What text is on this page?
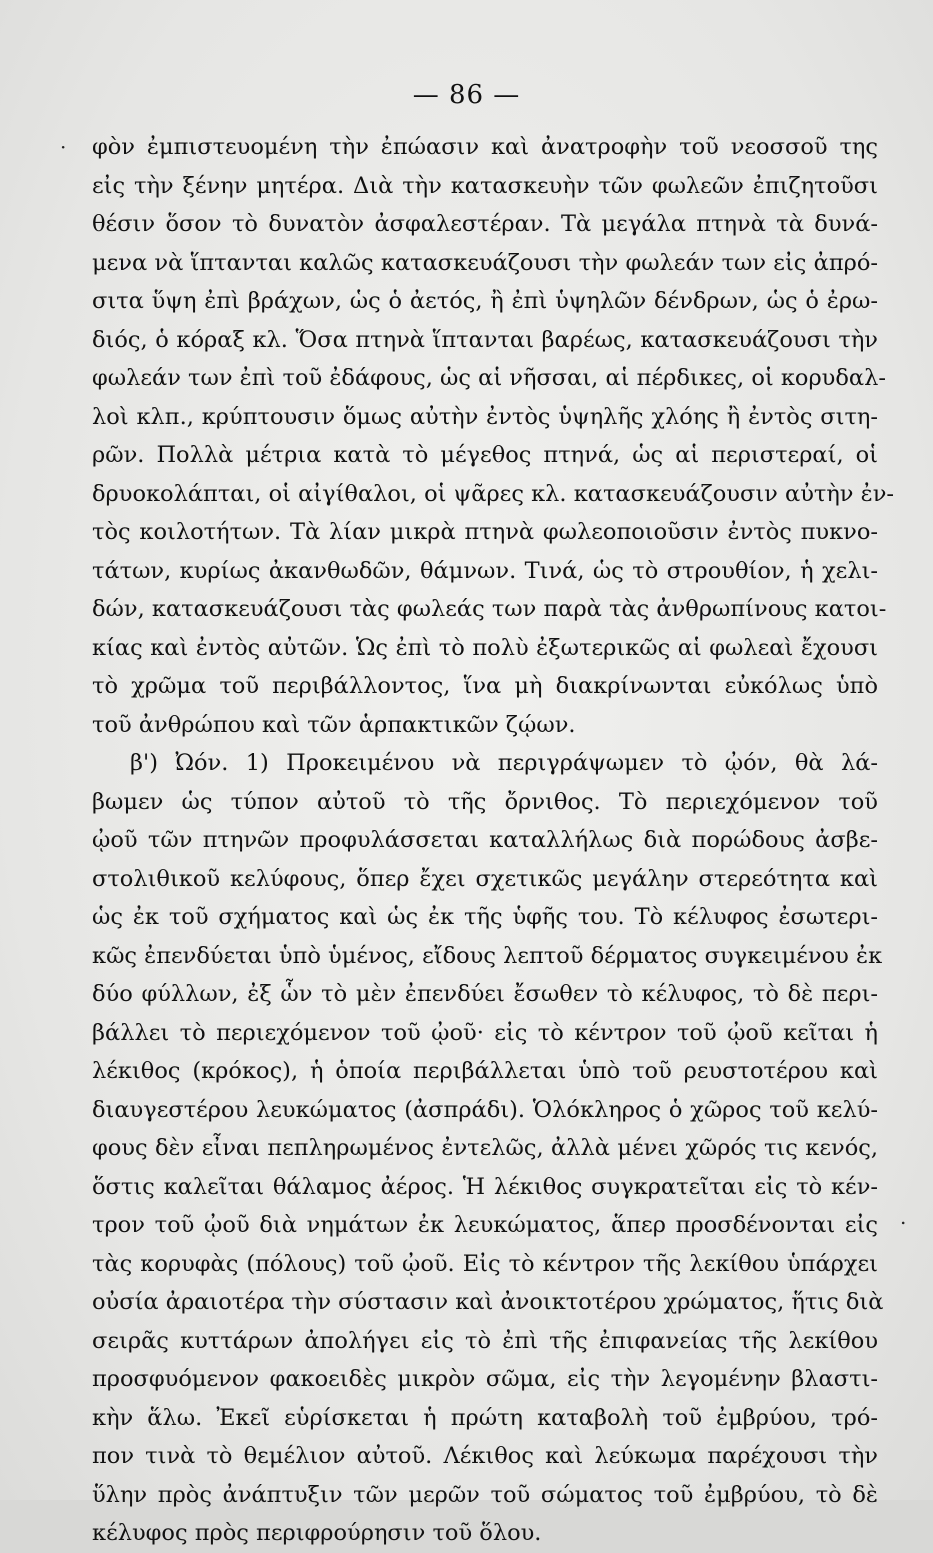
— 86 —
·
.
φὸν ἐμπιστευομένη τὴν ἐπώασιν καὶ ἀνατροφὴν τοῦ νεοσσοῦ της
εἰς τὴν ξένην μητέρα. Διὰ τὴν κατασκευὴν τῶν φωλεῶν ἐπιζητοῦσι
θέσιν ὅσον τὸ δυνατὸν ἀσφαλεστέραν. Τὰ μεγάλα πτηνὰ τὰ δυνά-
μενα νὰ ἵπτανται καλῶς κατασκευάζουσι τὴν φωλεάν των εἰς ἀπρό-
σιτα ὕψη ἐπὶ βράχων, ὡς ὁ ἀετός, ἢ ἐπὶ ὑψηλῶν δένδρων, ὡς ὁ ἐρω-
διός, ὁ κόραξ κλ. Ὅσα πτηνὰ ἵπτανται βαρέως, κατασκευάζουσι τὴν
φωλεάν των ἐπὶ τοῦ ἐδάφους, ὡς αἱ νῆσσαι, αἱ πέρδικες, οἱ κορυδαλ-
λοὶ κλπ., κρύπτουσιν ὅμως αὐτὴν ἐντὸς ὑψηλῆς χλόης ἢ ἐντὸς σιτη-
ρῶν. Πολλὰ μέτρια κατὰ τὸ μέγεθος πτηνά, ὡς αἱ περιστεραί, οἱ
δρυοκολάπται, οἱ αἰγίθαλοι, οἱ ψᾶρες κλ. κατασκευάζουσιν αὐτὴν ἐν-
τὸς κοιλοτήτων. Τὰ λίαν μικρὰ πτηνὰ φωλεοποιοῦσιν ἐντὸς πυκνο-
τάτων, κυρίως ἀκανθωδῶν, θάμνων. Τινά, ὡς τὸ στρουθίον, ἡ χελι-
δών, κατασκευάζουσι τὰς φωλεάς των παρὰ τὰς ἀνθρωπίνους κατοι-
κίας καὶ ἐντὸς αὐτῶν. Ὡς ἐπὶ τὸ πολὺ ἐξωτερικῶς αἱ φωλεαὶ ἔχουσι
τὸ χρῶμα τοῦ περιβάλλοντος, ἵνα μὴ διακρίνωνται εὐκόλως ὑπὸ
τοῦ ἀνθρώπου καὶ τῶν ἁρπακτικῶν ζῴων.
β') Ὠόν. 1) Προκειμένου νὰ περιγράψωμεν τὸ ᾠόν, θὰ λά-
βωμεν ὡς τύπον αὐτοῦ τὸ τῆς ὄρνιθος. Τὸ περιεχόμενον τοῦ
ᾠοῦ τῶν πτηνῶν προφυλάσσεται καταλλήλως διὰ πορώδους ἀσβε-
στολιθικοῦ κελύφους, ὅπερ ἔχει σχετικῶς μεγάλην στερεότητα καὶ
ὡς ἐκ τοῦ σχήματος καὶ ὡς ἐκ τῆς ὑφῆς του. Τὸ κέλυφος ἐσωτερι-
κῶς ἐπενδύεται ὑπὸ ὑμένος, εἴδους λεπτοῦ δέρματος συγκειμένου ἐκ
δύο φύλλων, ἐξ ὧν τὸ μὲν ἐπενδύει ἔσωθεν τὸ κέλυφος, τὸ δὲ περι-
βάλλει τὸ περιεχόμενον τοῦ ᾠοῦ· εἰς τὸ κέντρον τοῦ ᾠοῦ κεῖται ἡ
λέκιθος (κρόκος), ἡ ὁποία περιβάλλεται ὑπὸ τοῦ ρευστοτέρου καὶ
διαυγεστέρου λευκώματος (ἀσπράδι). Ὁλόκληρος ὁ χῶρος τοῦ κελύ-
φους δὲν εἶναι πεπληρωμένος ἐντελῶς, ἀλλὰ μένει χῶρός τις κενός,
ὅστις καλεῖται θάλαμος ἀέρος. Ἡ λέκιθος συγκρατεῖται εἰς τὸ κέν-
τρον τοῦ ᾠοῦ διὰ νημάτων ἐκ λευκώματος, ἅπερ προσδένονται εἰς
τὰς κορυφὰς (πόλους) τοῦ ᾠοῦ. Εἰς τὸ κέντρον τῆς λεκίθου ὑπάρχει
οὐσία ἀραιοτέρα τὴν σύστασιν καὶ ἀνοικτοτέρου χρώματος, ἥτις διὰ
σειρᾶς κυττάρων ἀπολήγει εἰς τὸ ἐπὶ τῆς ἐπιφανείας τῆς λεκίθου
προσφυόμενον φακοειδὲς μικρὸν σῶμα, εἰς τὴν λεγομένην βλαστι-
κὴν ἅλω. Ἐκεῖ εὑρίσκεται ἡ πρώτη καταβολὴ τοῦ ἐμβρύου, τρό-
πον τινὰ τὸ θεμέλιον αὐτοῦ. Λέκιθος καὶ λεύκωμα παρέχουσι τὴν
ὕλην πρὸς ἀνάπτυξιν τῶν μερῶν τοῦ σώματος τοῦ ἐμβρύου, τὸ δὲ
κέλυφος πρὸς περιφρούρησιν τοῦ ὅλου.
